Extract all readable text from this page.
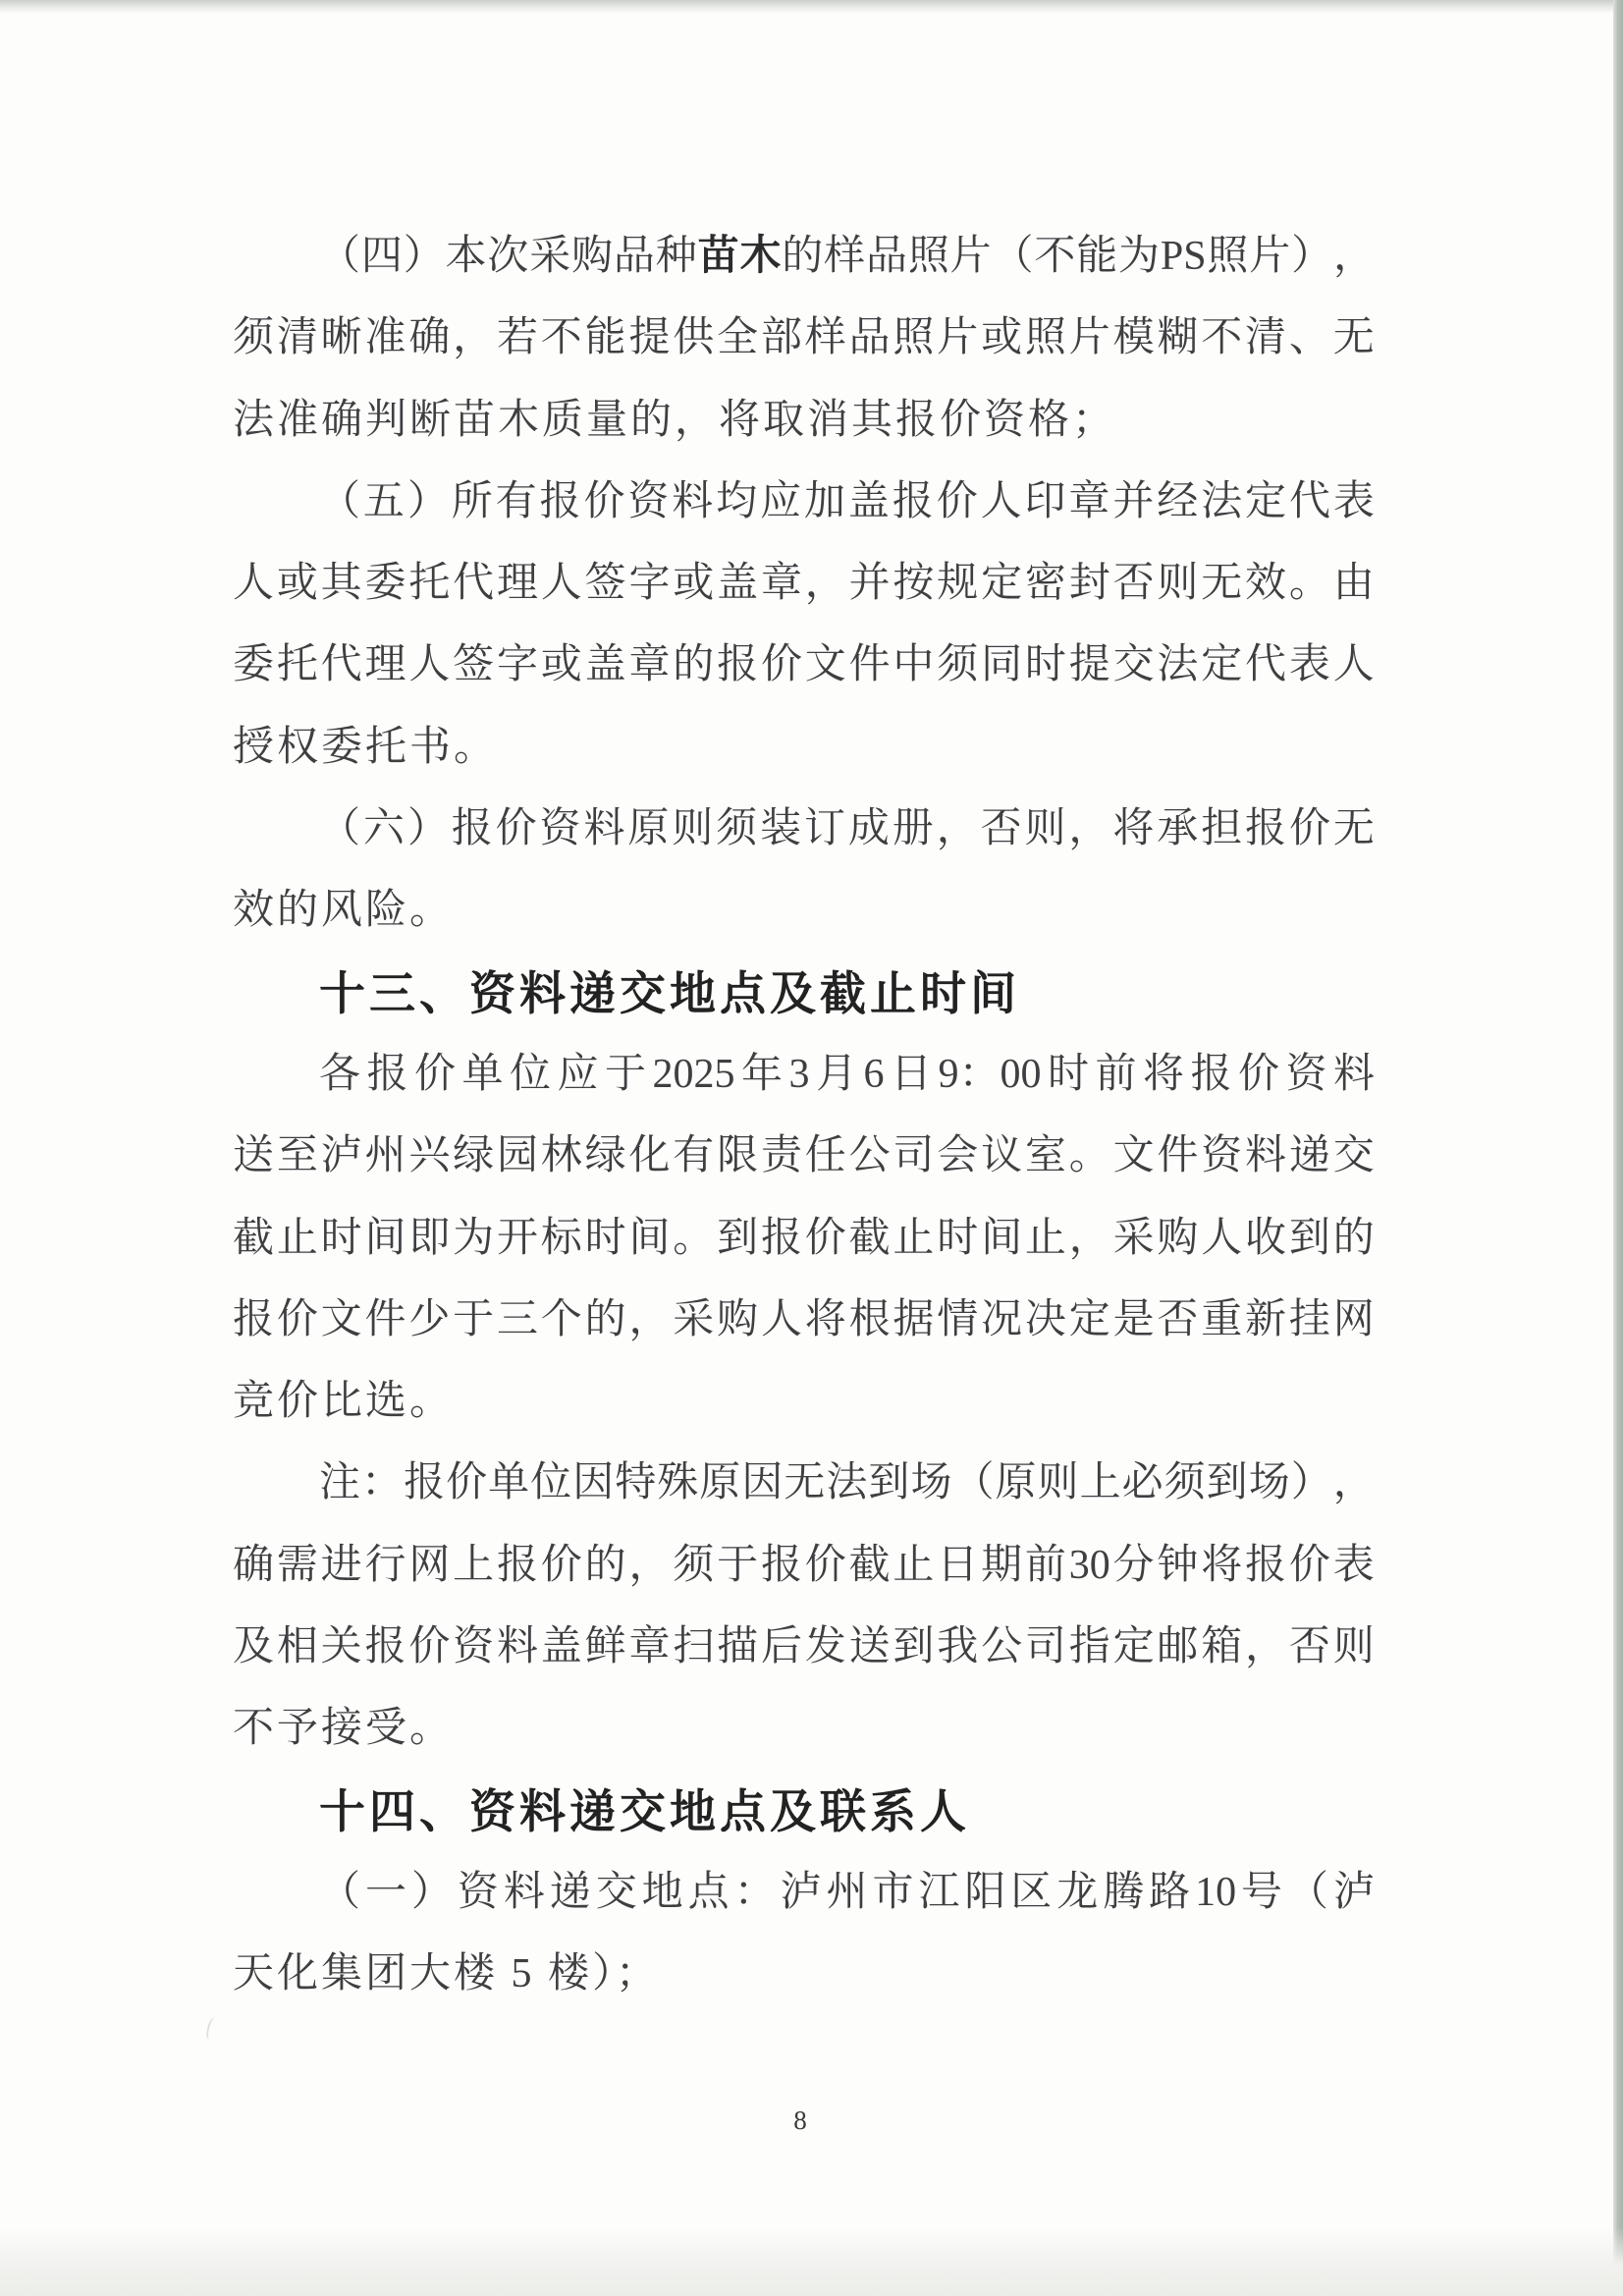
（ 四 ） 本 次 采 购 品 种 苗 木 的 样 品 照 片 （ 不 能 为 PS 照 片 ） ，
须 清 晰 准 确 ， 若 不 能 提 供 全 部 样 品 照 片 或 照 片 模 糊 不 清 、 无
法准确判断苗木质量的，将取消其报价资格；
（ 五 ） 所 有 报 价 资 料 均 应 加 盖 报 价 人 印 章 并 经 法 定 代 表
人 或 其 委 托 代 理 人 签 字 或 盖 章 ， 并 按 规 定 密 封 否 则 无 效 。 由
委 托 代 理 人 签 字 或 盖 章 的 报 价 文 件 中 须 同 时 提 交 法 定 代 表 人
授权委托书。
（ 六 ） 报 价 资 料 原 则 须 装 订 成 册 ， 否 则 ， 将 承 担 报 价 无
效的风险。
十三、资料递交地点及截止时间
各 报 价 单 位 应 于 2025 年 3 月 6 日 9：00 时 前 将 报 价 资 料
送 至 泸 州 兴 绿 园 林 绿 化 有 限 责 任 公 司 会 议 室 。 文 件 资 料 递 交
截 止 时 间 即 为 开 标 时 间 。 到 报 价 截 止 时 间 止 ， 采 购 人 收 到 的
报 价 文 件 少 于 三 个 的 ， 采 购 人 将 根 据 情 况 决 定 是 否 重 新 挂 网
竞价比选。
注 ： 报 价 单 位 因 特 殊 原 因 无 法 到 场 （ 原 则 上 必 须 到 场 ） ，
确 需 进 行 网 上 报 价 的 ， 须 于 报 价 截 止 日 期 前 30 分 钟 将 报 价 表
及 相 关 报 价 资 料 盖 鲜 章 扫 描 后 发 送 到 我 公 司 指 定 邮 箱 ， 否 则
不予接受。
十四、资料递交地点及联系人
（ 一 ） 资 料 递 交 地 点 ： 泸 州 市 江 阳 区 龙 腾 路 10 号 （ 泸
天化集团大楼 5 楼）；
8
